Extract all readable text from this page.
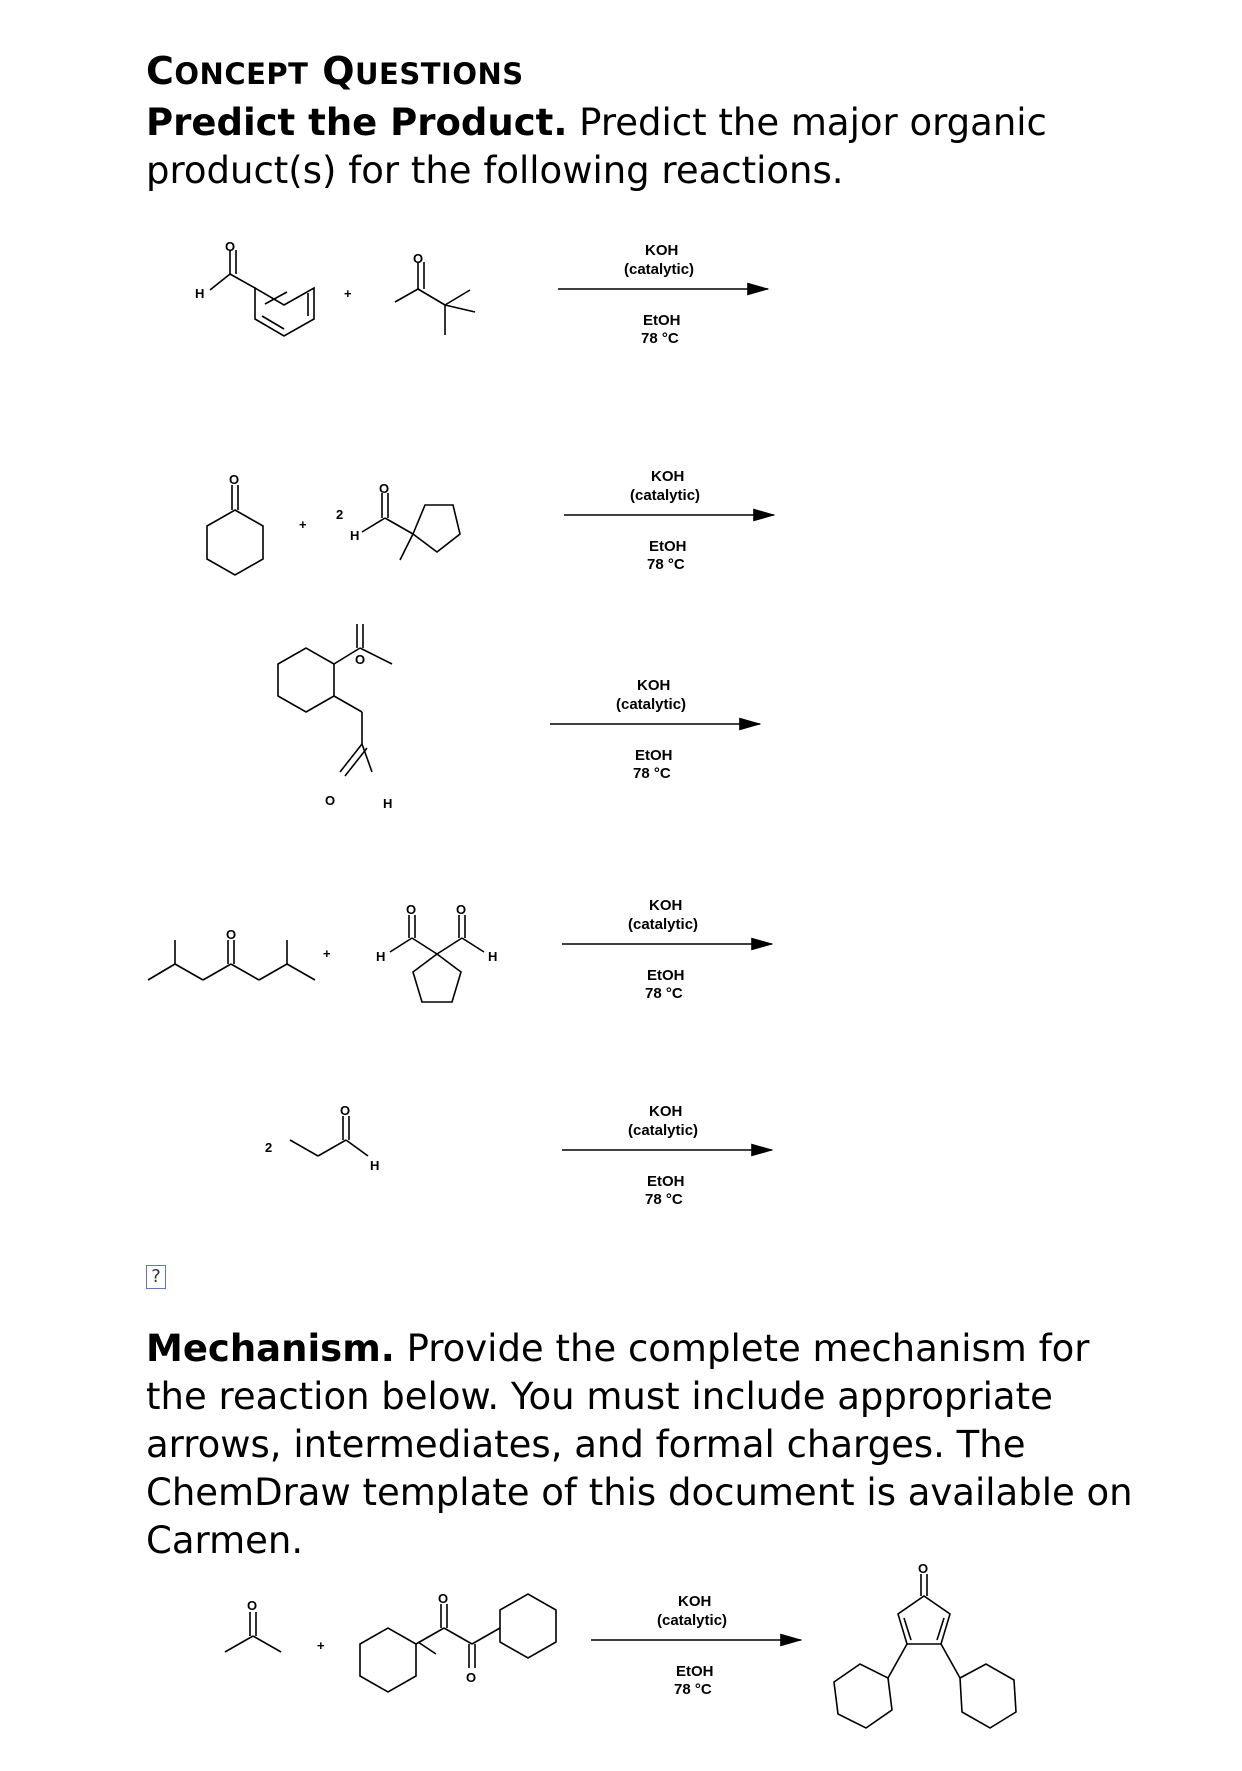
CONCEPT QUESTIONS

Predict the Product. Predict the major organic product(s) for the following reactions.

O
H	+
O	KOH
(catalytic)
EtOH
78 °C
O
+
2
H
O
KOH
(catalytic)
EtOH
78 °C
O
O	H
KOH
(catalytic)
EtOH
78 °C
O
+	H
O	O
H
KOH
(catalytic)
EtOH
78 °C
2
O
H
KOH
(catalytic)
EtOH
78 °C
O
+
O
O
O
KOH
(catalytic)
EtOH
78 °C
?

Mechanism. Provide the complete mechanism for the reaction below. You must include appropriate arrows, intermediates, and formal charges. The ChemDraw template of this document is available on Carmen.
